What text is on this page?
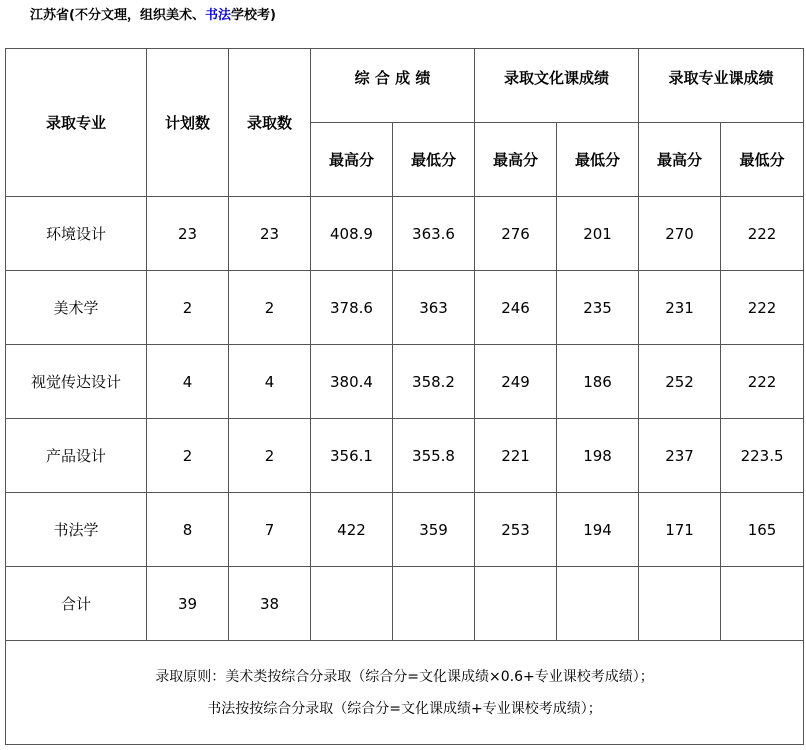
江苏省(不分文理，组织美术、书法学校考)
录取专业	计划数	录取数	综 合 成 绩		录取文化课成绩		录取专业课成绩	
			最高分	最低分	最高分	最低分	最高分	最低分
环境设计	23	23	408.9	363.6	276	201	270	222
美术学	2	2	378.6	363	246	235	231	222
视觉传达设计	4	4	380.4	358.2	249	186	252	222
产品设计	2	2	356.1	355.8	221	198	237	223.5
书法学	8	7	422	359	253	194	171	165
合计	39	38						

录取原则：美术类按综合分录取（综合分=文化课成绩×0.6+专业课校考成绩）；
书法按按综合分录取（综合分=文化课成绩+专业课校考成绩）；								
